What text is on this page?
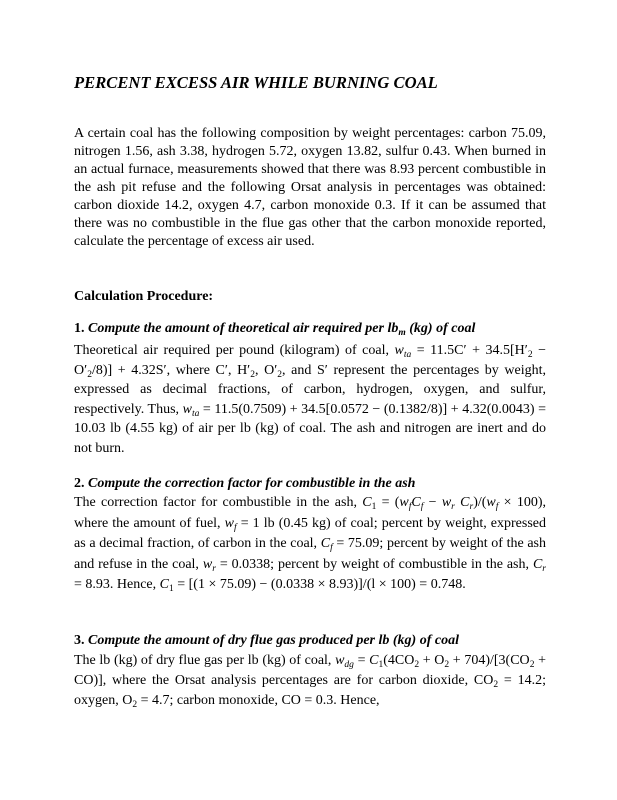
PERCENT EXCESS AIR WHILE BURNING COAL

A certain coal has the following composition by weight percentages: carbon 75.09, nitrogen 1.56, ash 3.38, hydrogen 5.72, oxygen 13.82, sulfur 0.43. When burned in an actual furnace, measurements showed that there was 8.93 percent combustible in the ash pit refuse and the following Orsat analysis in percentages was obtained: carbon dioxide 14.2, oxygen 4.7, carbon monoxide 0.3. If it can be assumed that there was no combustible in the flue gas other that the carbon monoxide reported, calculate the percentage of excess air used.

Calculation Procedure:
1. Compute the amount of theoretical air required per $lb_m$ (kg) of coal

Theoretical air required per pound (kilogram) of coal, $w_{ta} = 11.5C' + 34.5[H'_2 - O'_2/8)] + 4.32S'$, where C′, $H'_2$, $O'_2$, and S′ represent the percentages by weight, expressed as decimal fractions, of carbon, hydrogen, oxygen, and sulfur, respectively. Thus, $w_{ta} = 11.5(0.7509) + 34.5[0.0572 - (0.1382/8)] + 4.32(0.0043) = 10.03$ lb (4.55 kg) of air per lb (kg) of coal. The ash and nitrogen are inert and do not burn.

2. Compute the correction factor for combustible in the ash

The correction factor for combustible in the ash, $C_1 = (w_fC_f - w_r$ $C_r)/(w_f \times 100)$, where the amount of fuel, $w_f = 1$ lb (0.45 kg) of coal; percent by weight, expressed as a decimal fraction, of carbon in the coal, $C_f = 75.09$; percent by weight of the ash and refuse in the coal, $w_r = 0.0338$; percent by weight of combustible in the ash, $C_r = 8.93$. Hence, $C_1 = [(1 \times 75.09) - (0.0338 \times 8.93)]/(l \times 100) = 0.748$.

3. Compute the amount of dry flue gas produced per lb (kg) of coal

The lb (kg) of dry flue gas per lb (kg) of coal, $w_{dg} = C_1(4CO_2 + O_2 + 704)/[3(CO_2 + CO)]$, where the Orsat analysis percentages are for carbon dioxide, $CO_2 = 14.2$; oxygen, $O_2 = 4.7$; carbon monoxide, CO = 0.3. Hence,
